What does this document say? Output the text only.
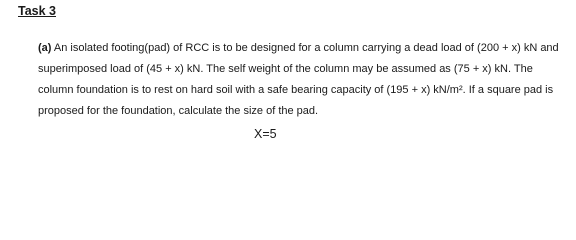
Task 3

(a) An isolated footing(pad) of RCC is to be designed for a column carrying a dead load of (200 + x) kN and superimposed load of (45 + x) kN. The self weight of the column may be assumed as (75 + x) kN. The column foundation is to rest on hard soil with a safe bearing capacity of (195 + x) kN/m². If a square pad is proposed for the foundation, calculate the size of the pad.

X=5
